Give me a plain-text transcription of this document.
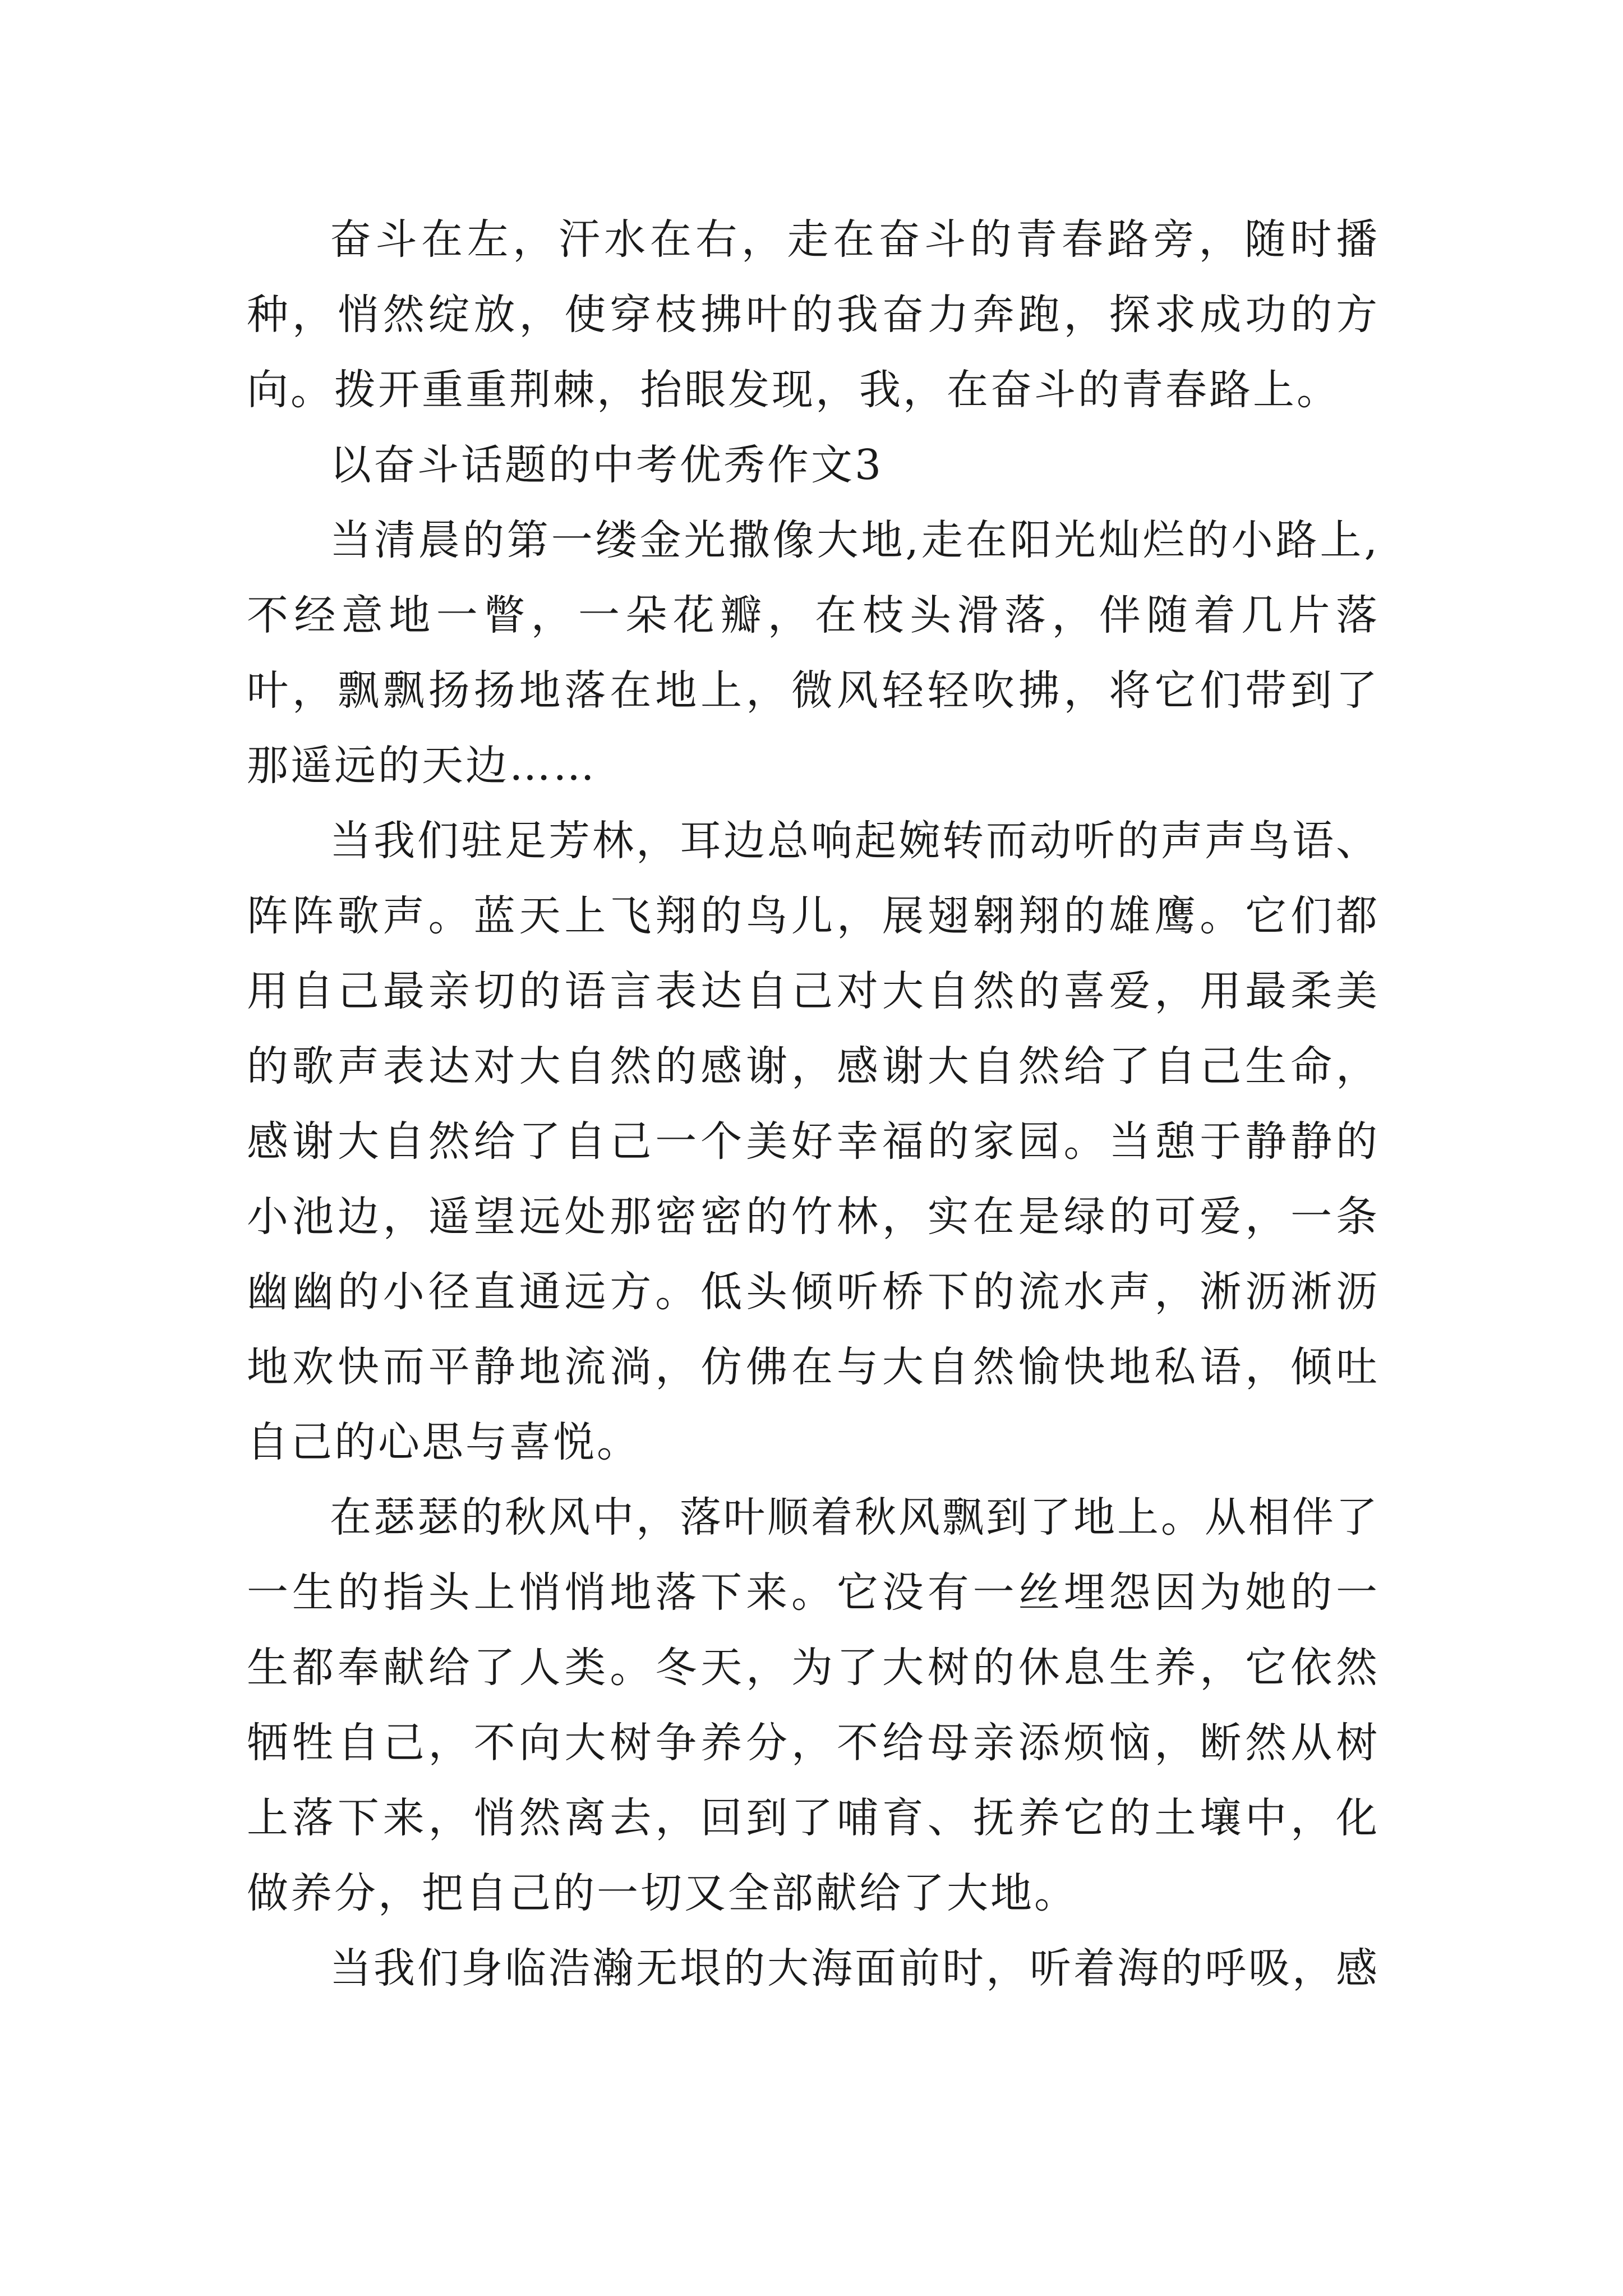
奋斗在左，汗水在右，走在奋斗的青春路旁，随时播种，悄然绽放，使穿枝拂叶的我奋力奔跑，探求成功的方向。拨开重重荆棘，抬眼发现，我，在奋斗的青春路上。

以奋斗话题的中考优秀作文3

当清晨的第一缕金光撒像大地,走在阳光灿烂的小路上,不经意地一瞥，一朵花瓣，在枝头滑落，伴随着几片落叶，飘飘扬扬地落在地上，微风轻轻吹拂，将它们带到了那遥远的天边……

当我们驻足芳林，耳边总响起婉转而动听的声声鸟语、阵阵歌声。蓝天上飞翔的鸟儿，展翅翱翔的雄鹰。它们都用自己最亲切的语言表达自己对大自然的喜爱，用最柔美的歌声表达对大自然的感谢，感谢大自然给了自己生命，感谢大自然给了自己一个美好幸福的家园。当憩于静静的小池边，遥望远处那密密的竹林，实在是绿的可爱，一条幽幽的小径直通远方。低头倾听桥下的流水声，淅沥淅沥地欢快而平静地流淌，仿佛在与大自然愉快地私语，倾吐自己的心思与喜悦。

在瑟瑟的秋风中，落叶顺着秋风飘到了地上。从相伴了一生的指头上悄悄地落下来。它没有一丝埋怨因为她的一生都奉献给了人类。冬天，为了大树的休息生养，它依然牺牲自己，不向大树争养分，不给母亲添烦恼，断然从树上落下来，悄然离去，回到了哺育、抚养它的土壤中，化做养分，把自己的一切又全部献给了大地。

当我们身临浩瀚无垠的大海面前时，听着海的呼吸，感
